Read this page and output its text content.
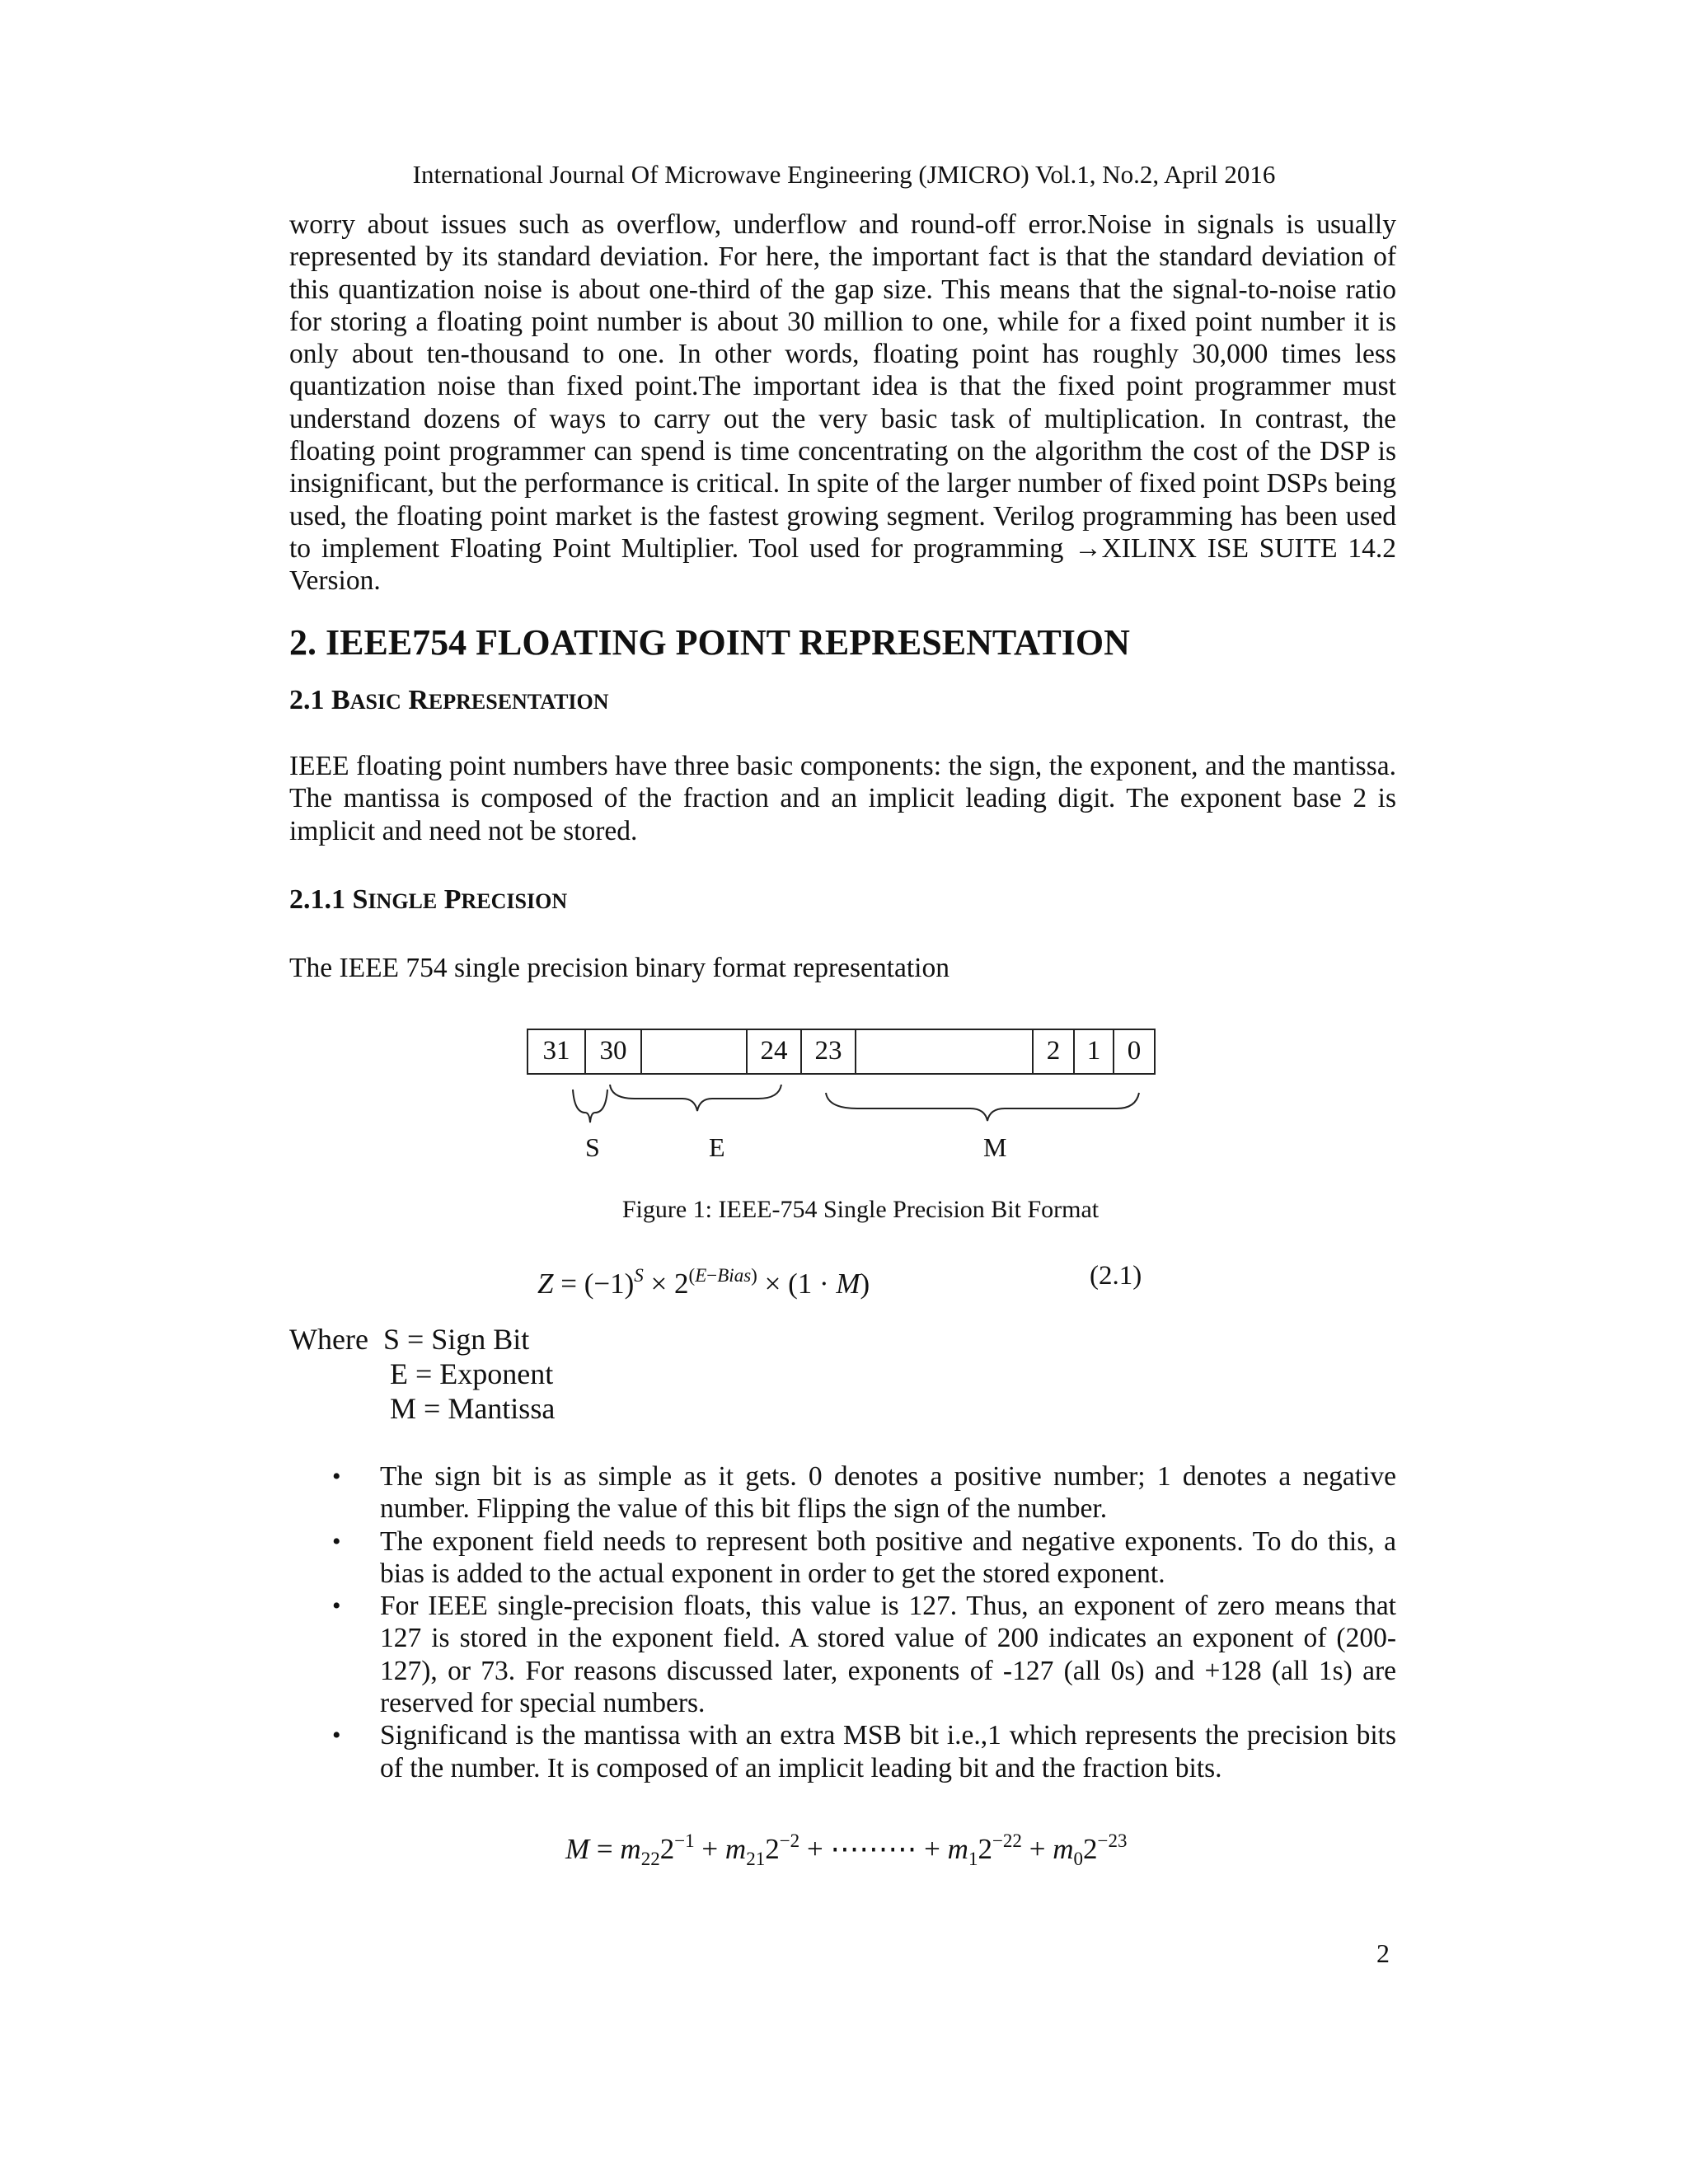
International Journal Of Microwave Engineering (JMICRO) Vol.1, No.2, April 2016
worry about issues such as overflow, underflow and round-off error.Noise in signals is usually represented by its standard deviation. For here, the important fact is that the standard deviation of this quantization noise is about one-third of the gap size. This means that the signal-to-noise ratio for storing a floating point number is about 30 million to one, while for a fixed point number it is only about ten-thousand to one. In other words, floating point has roughly 30,000 times less quantization noise than fixed point.The important idea is that the fixed point programmer must understand dozens of ways to carry out the very basic task of multiplication. In contrast, the floating point programmer can spend is time concentrating on the algorithm the cost of the DSP is insignificant, but the performance is critical. In spite of the larger number of fixed point DSPs being used, the floating point market is the fastest growing segment. Verilog programming has been used to implement Floating Point Multiplier. Tool used for programming →XILINX ISE SUITE 14.2 Version.
2. IEEE754 FLOATING POINT REPRESENTATION
2.1 BASIC REPRESENTATION
IEEE floating point numbers have three basic components: the sign, the exponent, and the mantissa. The mantissa is composed of the fraction and an implicit leading digit. The exponent base 2 is implicit and need not be stored.
2.1.1 SINGLE PRECISION
The IEEE 754 single precision binary format representation
31	30	24	23	2 1 0
S	E	M
Figure 1: IEEE-754 Single Precision Bit Format
$Z = (-1)^S \times 2^{(E-Bias)} \times (1 \cdot M)$	(2.1)
Where S = Sign Bit
E = Exponent
M = Mantissa
• The sign bit is as simple as it gets. 0 denotes a positive number; 1 denotes a negative number. Flipping the value of this bit flips the sign of the number.
• The exponent field needs to represent both positive and negative exponents. To do this, a bias is added to the actual exponent in order to get the stored exponent.
• For IEEE single-precision floats, this value is 127. Thus, an exponent of zero means that 127 is stored in the exponent field. A stored value of 200 indicates an exponent of (200-127), or 73. For reasons discussed later, exponents of -127 (all 0s) and +128 (all 1s) are reserved for special numbers.
• Significand is the mantissa with an extra MSB bit i.e.,1 which represents the precision bits of the number. It is composed of an implicit leading bit and the fraction bits.
$M = m_{22}2^{-1} + m_{21}2^{-2}$ + ⋯⋯⋯ + $m_12^{-22} + m_02^{-23}$
2
